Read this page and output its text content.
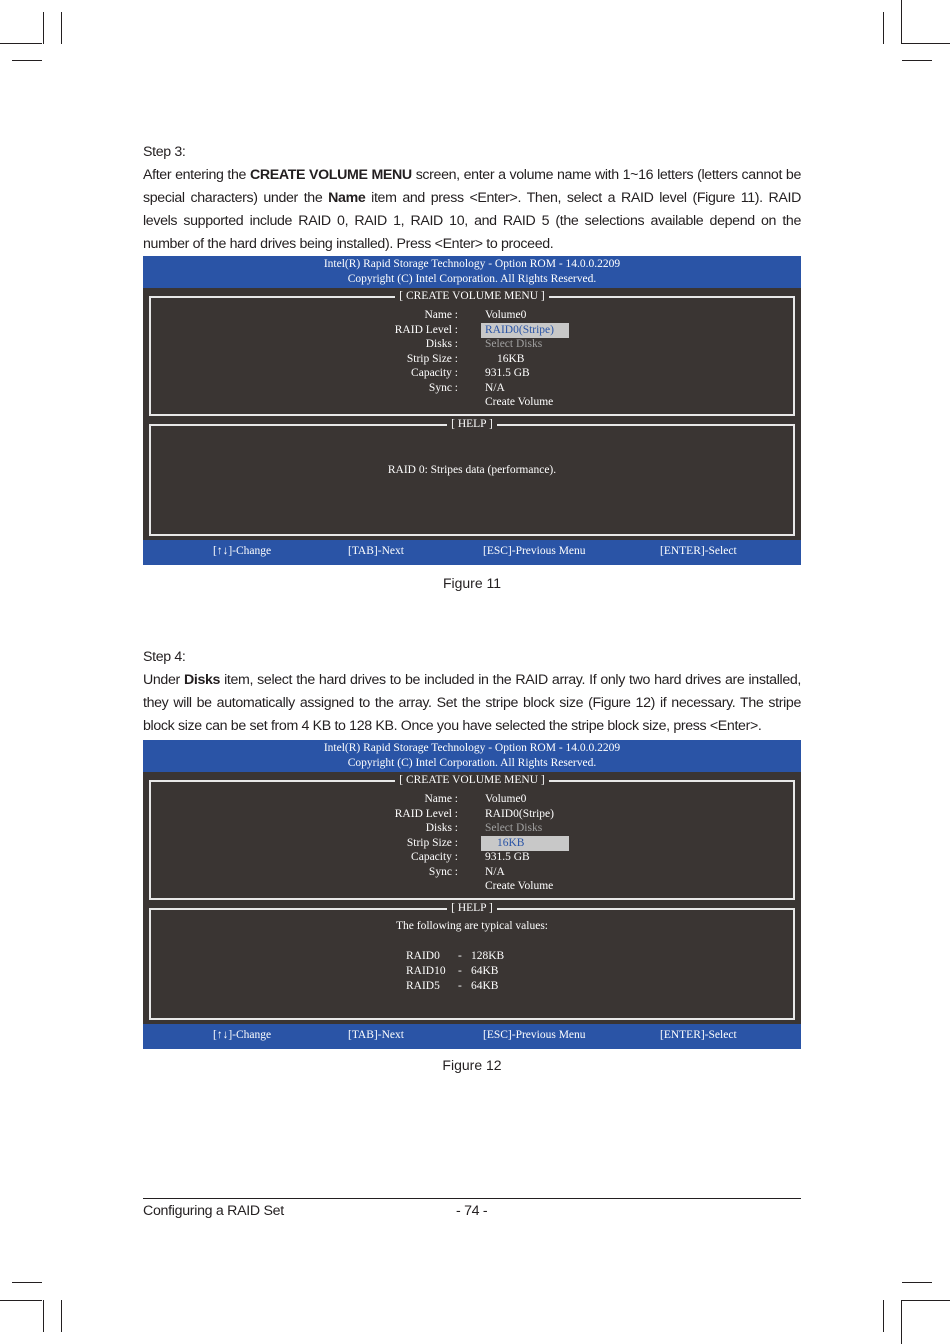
Step 3:

After entering the CREATE VOLUME MENU screen, enter a volume name with 1~16 letters (letters cannot be special characters) under the Name item and press <Enter>. Then, select a RAID level (Figure 11). RAID levels supported include RAID 0, RAID 1, RAID 10, and RAID 5 (the selections available depend on the number of the hard drives being installed). Press <Enter> to proceed.

Intel(R) Rapid Storage Technology - Option ROM - 14.0.0.2209
Copyright (C) Intel Corporation. All Rights Reserved.
[ CREATE VOLUME MENU ]
Name : Volume0
RAID Level : RAID0(Stripe)
Disks : Select Disks
Strip Size :	16KB
Capacity : 931.5 GB
Sync : N/A
Create Volume
[ HELP ]
RAID 0: Stripes data (performance).
[↑↓]-Change	[TAB]-Next	[ESC]-Previous Menu	[ENTER]-Select
Figure 11

Step 4:

Under Disks item, select the hard drives to be included in the RAID array. If only two hard drives are installed, they will be automatically assigned to the array. Set the stripe block size (Figure 12) if necessary. The stripe block size can be set from 4 KB to 128 KB. Once you have selected the stripe block size, press <Enter>.

Intel(R) Rapid Storage Technology - Option ROM - 14.0.0.2209
Copyright (C) Intel Corporation. All Rights Reserved.
[ CREATE VOLUME MENU ]
Name : Volume0
RAID Level : RAID0(Stripe)
Disks : Select Disks
Strip Size :	16KB
Capacity : 931.5 GB
Sync : N/A
Create Volume
[ HELP ]
The following are typical values:
RAID0 - 128KB
RAID10 - 64KB
RAID5 - 64KB
[↑↓]-Change	[TAB]-Next	[ESC]-Previous Menu	[ENTER]-Select
Figure 12
Configuring a RAID Set	- 74 -
